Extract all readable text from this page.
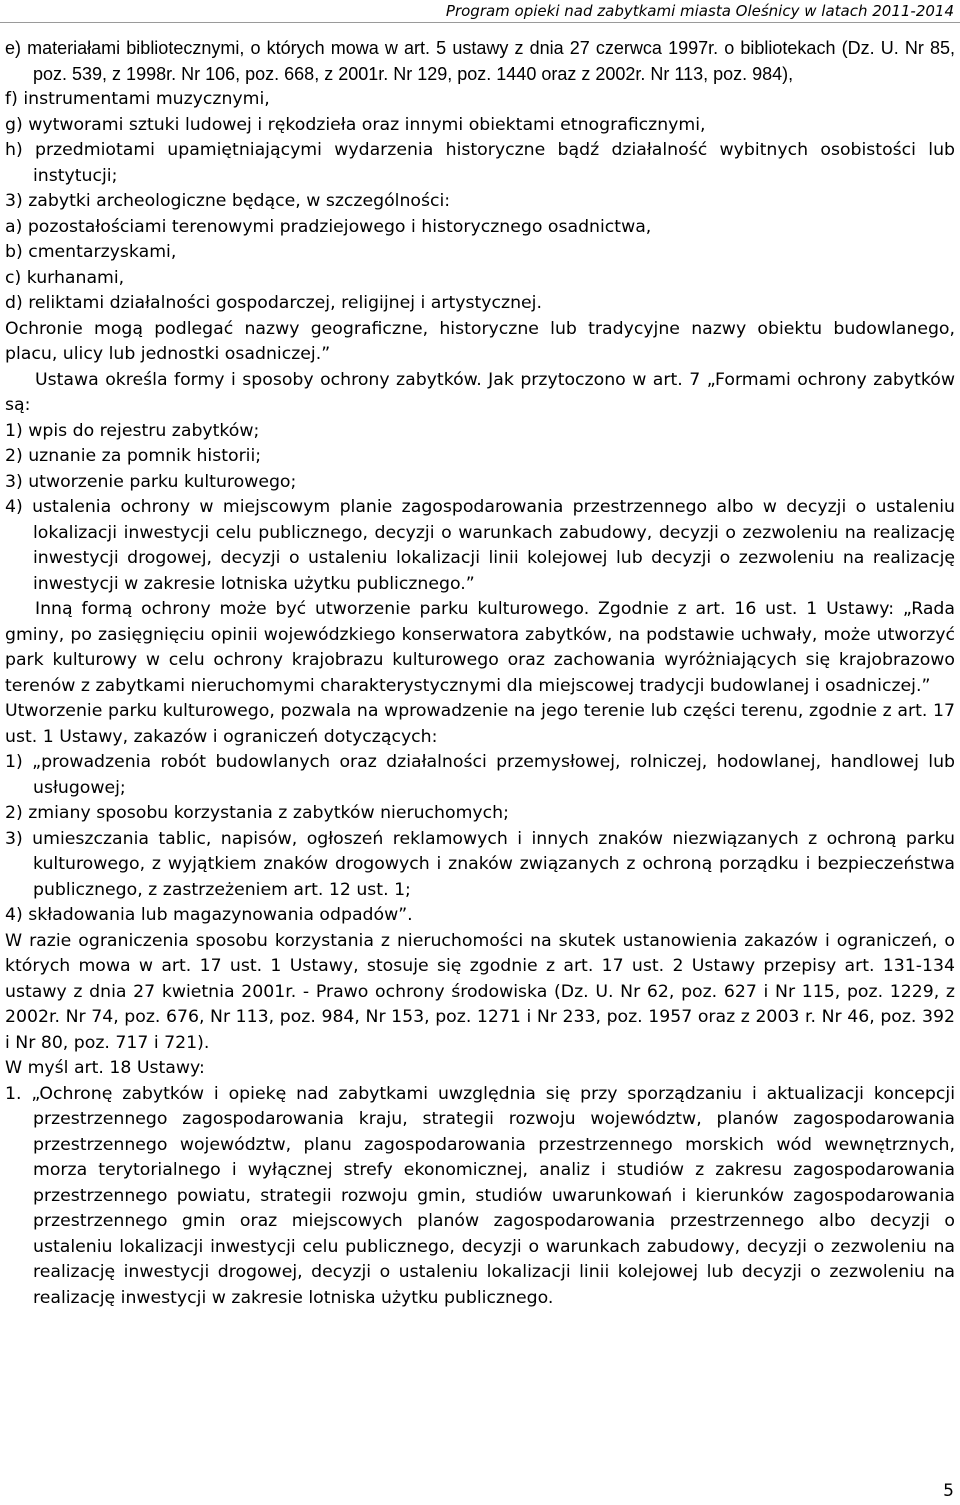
Program opieki nad zabytkami miasta Oleśnicy w latach 2011-2014

e) materiałami bibliotecznymi, o których mowa w art. 5 ustawy z dnia 27 czerwca 1997r. o bibliotekach (Dz. U. Nr 85, poz. 539, z 1998r. Nr 106, poz. 668, z 2001r. Nr 129, poz. 1440 oraz z 2002r. Nr 113, poz. 984),

f) instrumentami muzycznymi,

g) wytworami sztuki ludowej i rękodzieła oraz innymi obiektami etnograficznymi,

h) przedmiotami upamiętniającymi wydarzenia historyczne bądź działalność wybitnych osobistości lub instytucji;

3) zabytki archeologiczne będące, w szczególności:

a) pozostałościami terenowymi pradziejowego i historycznego osadnictwa,

b) cmentarzyskami,

c) kurhanami,

d) reliktami działalności gospodarczej, religijnej i artystycznej.

Ochronie mogą podlegać nazwy geograficzne, historyczne lub tradycyjne nazwy obiektu budowlanego, placu, ulicy lub jednostki osadniczej.”

Ustawa określa formy i sposoby ochrony zabytków. Jak przytoczono w art. 7 „Formami ochrony zabytków są:

1) wpis do rejestru zabytków;

2) uznanie za pomnik historii;

3) utworzenie parku kulturowego;

4) ustalenia ochrony w miejscowym planie zagospodarowania przestrzennego albo w decyzji o ustaleniu lokalizacji inwestycji celu publicznego, decyzji o warunkach zabudowy, decyzji o zezwoleniu na realizację inwestycji drogowej, decyzji o ustaleniu lokalizacji linii kolejowej lub decyzji o zezwoleniu na realizację inwestycji w zakresie lotniska użytku publicznego.”

Inną formą ochrony może być utworzenie parku kulturowego. Zgodnie z art. 16 ust. 1 Ustawy: „Rada gminy, po zasięgnięciu opinii wojewódzkiego konserwatora zabytków, na podstawie uchwały, może utworzyć park kulturowy w celu ochrony krajobrazu kulturowego oraz zachowania wyróżniających się krajobrazowo terenów z zabytkami nieruchomymi charakterystycznymi dla miejscowej tradycji budowlanej i osadniczej.”

Utworzenie parku kulturowego, pozwala na wprowadzenie na jego terenie lub części terenu, zgodnie z art. 17 ust. 1 Ustawy, zakazów i ograniczeń dotyczących:

1) „prowadzenia robót budowlanych oraz działalności przemysłowej, rolniczej, hodowlanej, handlowej lub usługowej;

2) zmiany sposobu korzystania z zabytków nieruchomych;

3) umieszczania tablic, napisów, ogłoszeń reklamowych i innych znaków niezwiązanych z ochroną parku kulturowego, z wyjątkiem znaków drogowych i znaków związanych z ochroną porządku i bezpieczeństwa publicznego, z zastrzeżeniem art. 12 ust. 1;

4) składowania lub magazynowania odpadów”.

W razie ograniczenia sposobu korzystania z nieruchomości na skutek ustanowienia zakazów i ograniczeń, o których mowa w art. 17 ust. 1 Ustawy, stosuje się zgodnie z art. 17 ust. 2 Ustawy przepisy art. 131-134 ustawy z dnia 27 kwietnia 2001r. - Prawo ochrony środowiska (Dz. U. Nr 62, poz. 627 i Nr 115, poz. 1229, z 2002r. Nr 74, poz. 676, Nr 113, poz. 984, Nr 153, poz. 1271 i Nr 233, poz. 1957 oraz z 2003 r. Nr 46, poz. 392 i Nr 80, poz. 717 i 721).

W myśl art. 18 Ustawy:

1. „Ochronę zabytków i opiekę nad zabytkami uwzględnia się przy sporządzaniu i aktualizacji koncepcji przestrzennego zagospodarowania kraju, strategii rozwoju województw, planów zagospodarowania przestrzennego województw, planu zagospodarowania przestrzennego morskich wód wewnętrznych, morza terytorialnego i wyłącznej strefy ekonomicznej, analiz i studiów z zakresu zagospodarowania przestrzennego powiatu, strategii rozwoju gmin, studiów uwarunkowań i kierunków zagospodarowania przestrzennego gmin oraz miejscowych planów zagospodarowania przestrzennego albo decyzji o ustaleniu lokalizacji inwestycji celu publicznego, decyzji o warunkach zabudowy, decyzji o zezwoleniu na realizację inwestycji drogowej, decyzji o ustaleniu lokalizacji linii kolejowej lub decyzji o zezwoleniu na realizację inwestycji w zakresie lotniska użytku publicznego.

5
